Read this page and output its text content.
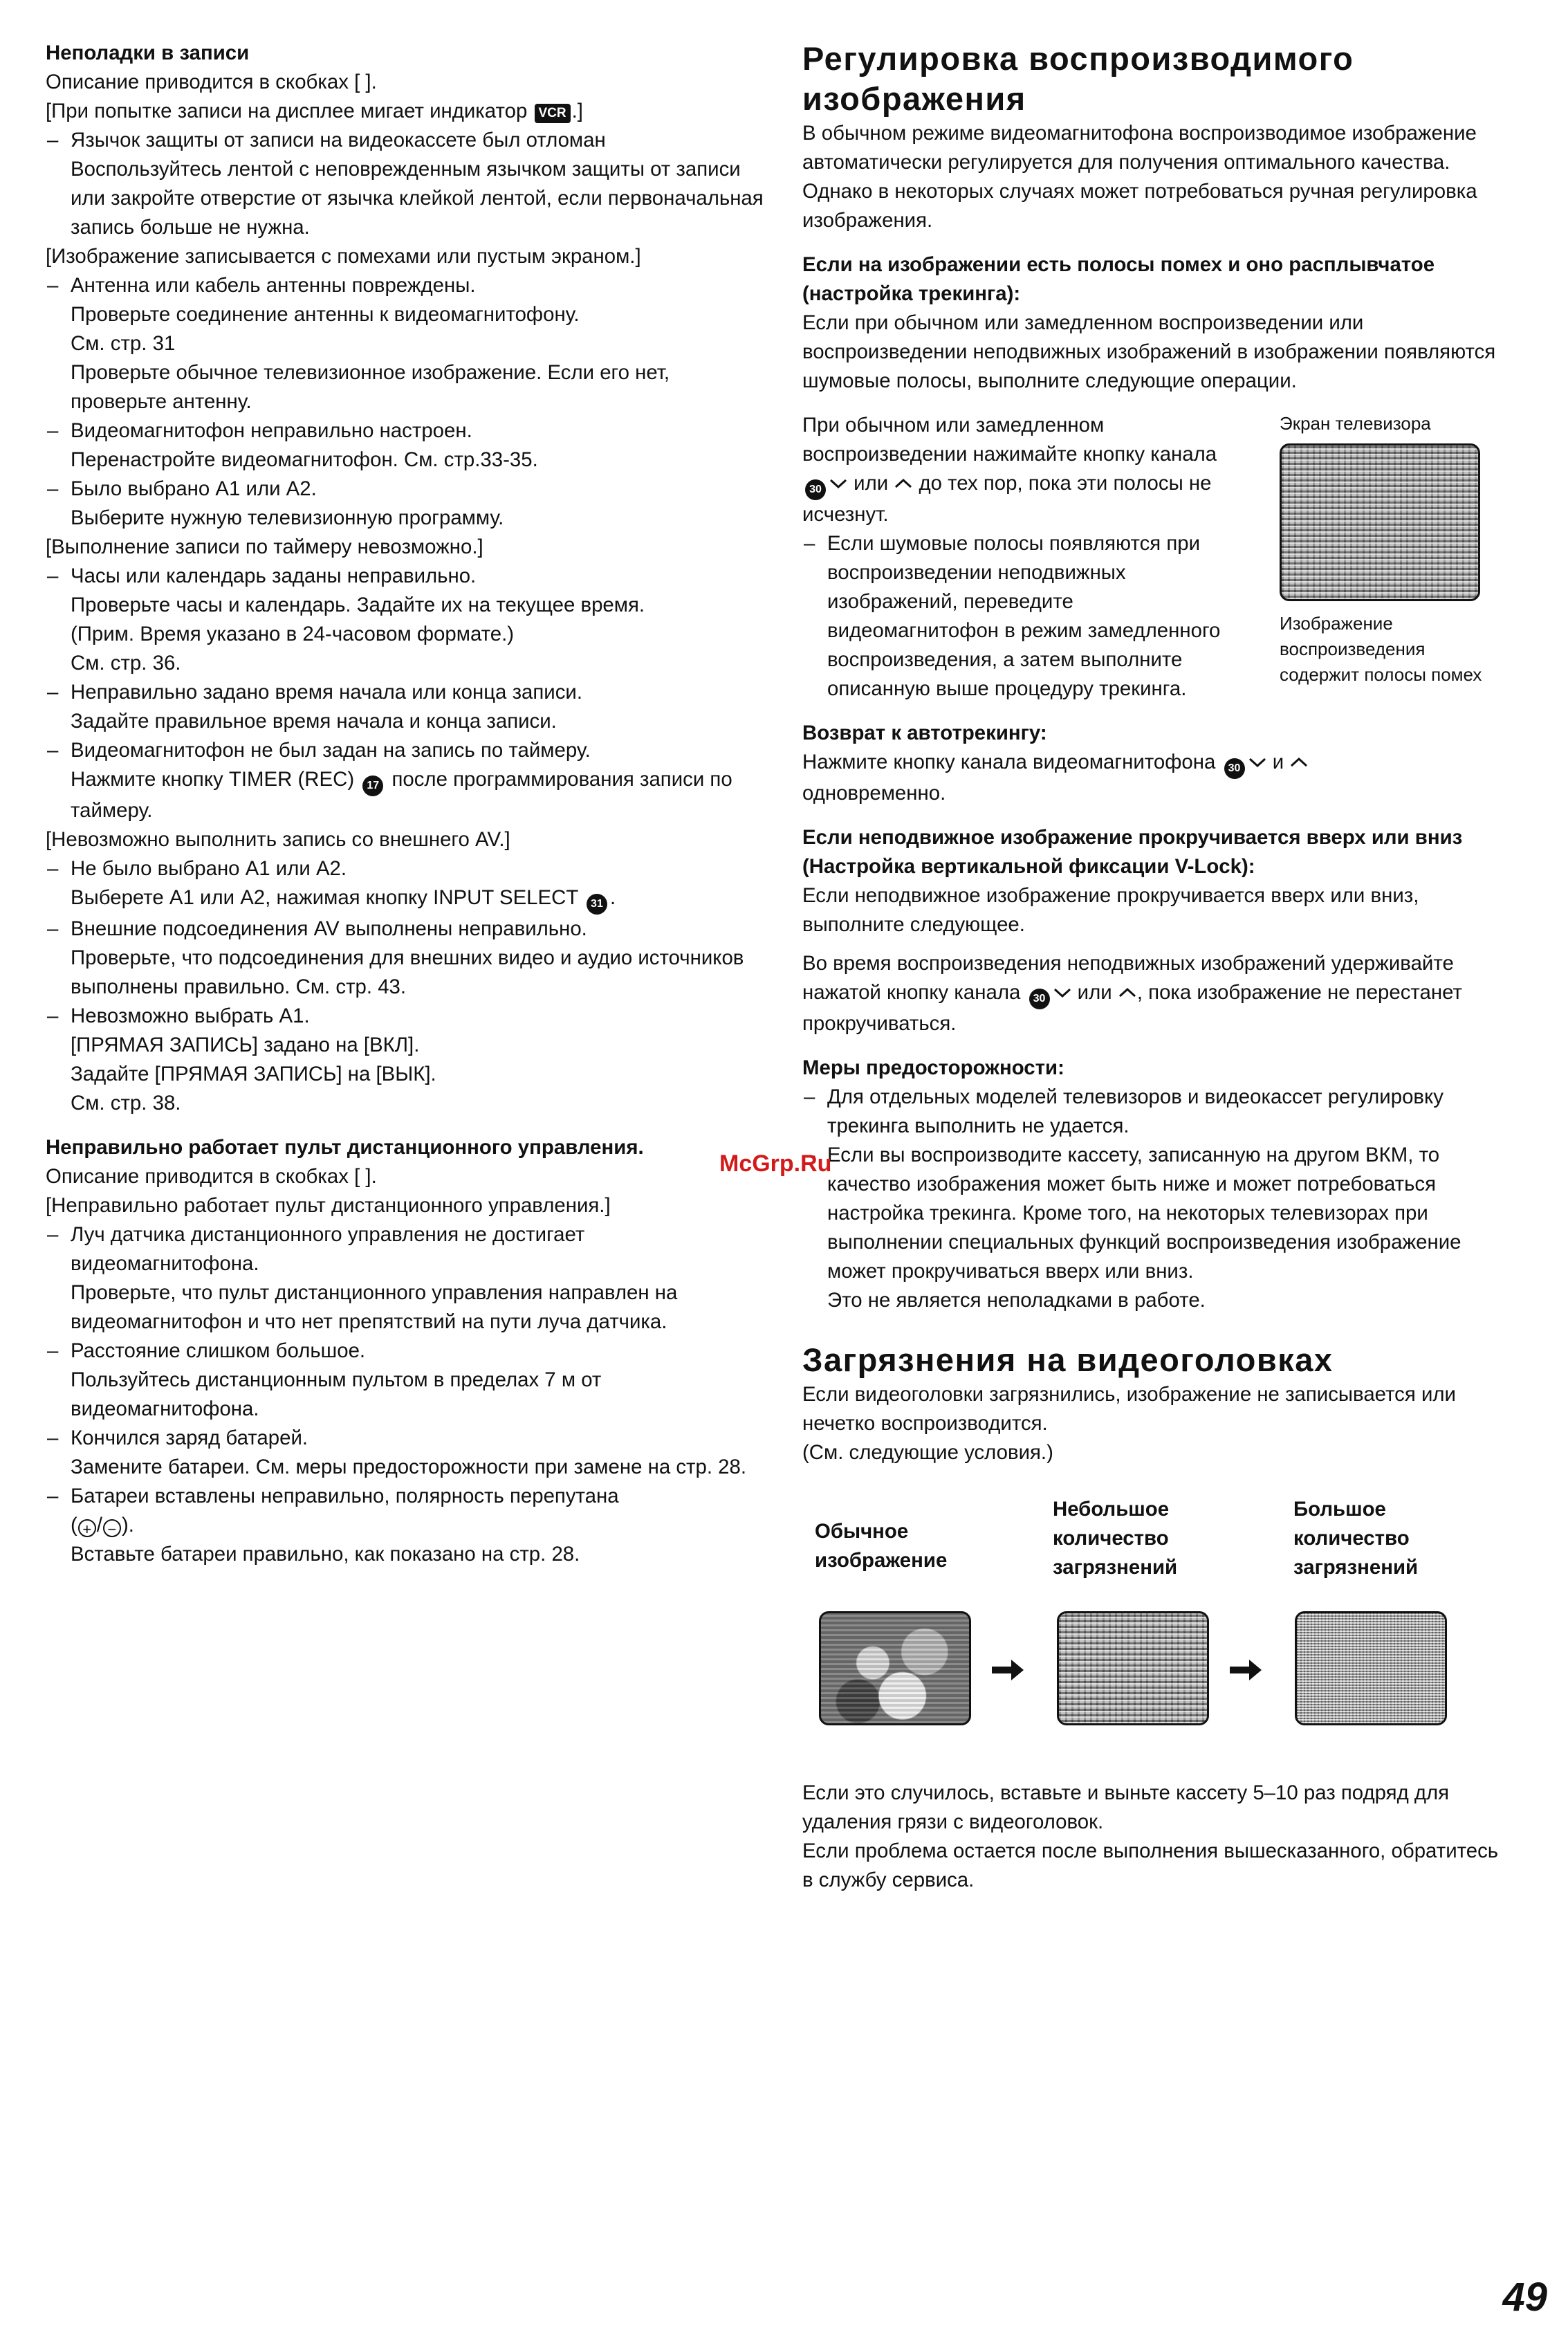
Неполадки в записи

Описание приводится в скобках [ ].

[При попытке записи на дисплее мигает индикатор VCR .]

– Язычок защиты от записи на видеокассете был отломан

Воспользуйтесь лентой с неповрежденным язычком защиты от записи или закройте отверстие от язычка клейкой лентой, если первоначальная запись больше не нужна.

[Изображение записывается с помехами или пустым экраном.]

– Антенна или кабель антенны повреждены.

Проверьте соединение антенны к видеомагнитофону.

См. стр. 31

Проверьте обычное телевизионное изображение. Если его нет, проверьте антенну.

– Видеомагнитофон неправильно настроен.

Перенастройте видеомагнитофон. См. стр.33-35.

– Было выбрано А1 или А2.

Выберите нужную телевизионную программу.

[Выполнение записи по таймеру невозможно.]

– Часы или календарь заданы неправильно.

Проверьте часы и календарь. Задайте их на текущее время.

(Прим. Время указано в 24-часовом формате.)

См. стр. 36.

– Неправильно задано время начала или конца записи.

Задайте правильное время начала и конца записи.

– Видеомагнитофон не был задан на запись по таймеру.

Нажмите кнопку TIMER (REC) 17 после программирования записи по таймеру.

[Невозможно выполнить запись со внешнего AV.]

– Не было выбрано А1 или А2.

Выберете А1 или А2, нажимая кнопку INPUT SELECT 31 .

– Внешние подсоединения AV выполнены неправильно.

Проверьте, что подсоединения для внешних видео и аудио источников выполнены правильно. См. стр. 43.

– Невозможно выбрать А1.

[ПРЯМАЯ ЗАПИСЬ] задано на [ВКЛ].

Задайте [ПРЯМАЯ ЗАПИСЬ] на [ВЫК].

См. стр. 38.

Неправильно работает пульт дистанционного управления.

Описание приводится в скобках [ ].

[Неправильно работает пульт дистанционного управления.]

– Луч датчика дистанционного управления не достигает видеомагнитофона.

Проверьте, что пульт дистанционного управления направлен на видеомагнитофон и что нет препятствий на пути луча датчика.

– Расстояние слишком большое.

Пользуйтесь дистанционным пультом в пределах 7 м от видеомагнитофона.

– Кончился заряд батарей.

Замените батареи. См. меры предосторожности при замене на стр. 28.

– Батареи вставлены неправильно, полярность перепутана

( + / − ).

Вставьте батареи правильно, как показано на стр. 28.

Регулировка воспроизводимого изображения

В обычном режиме видеомагнитофона воспроизводимое изображение автоматически регулируется для получения оптимального качества. Однако в некоторых случаях может потребоваться ручная регулировка изображения.

Если на изображении есть полосы помех и оно расплывчатое (настройка трекинга):

Если при обычном или замедленном воспроизведении или воспроизведении неподвижных изображений в изображении появляются шумовые полосы, выполните следующие операции.

При обычном или замедленном воспроизведении нажимайте кнопку канала 30 или до тех пор, пока эти полосы не исчезнут.

– Если шумовые полосы появляются при воспроизведении неподвижных изображений, переведите видеомагнитофон в режим замедленного воспроизведения, а затем выполните описанную выше процедуру трекинга.

Экран телевизора

Изображение воспроизведения содержит полосы помех

Возврат к автотрекингу:

Нажмите кнопку канала видеомагнитофона 30 и
одновременно.

Если неподвижное изображение прокручивается вверх или вниз

(Настройка вертикальной фиксации V-Lock):

Если неподвижное изображение прокручивается вверх или вниз, выполните следующее.

Во время воспроизведения неподвижных изображений удерживайте нажатой кнопку канала 30 или , пока изображение не перестанет прокручиваться.

Меры предосторожности:

– Для отдельных моделей телевизоров и видеокассет регулировку трекинга выполнить не удается.

– Если вы воспроизводите кассету, записанную на другом ВКМ, то качество изображения может быть ниже и может потребоваться настройка трекинга. Кроме того, на некоторых телевизорах при выполнении специальных функций воспроизведения изображение может прокручиваться вверх или вниз.

Это не является неполадками в работе.

Загрязнения на видеоголовках

Если видеоголовки загрязнились, изображение не записывается или нечетко воспроизводится.

(См. следующие условия.)

Обычное изображение

Небольшое количество загрязнений

Большое количество загрязнений

Если это случилось, вставьте и выньте кассету 5–10 раз подряд для удаления грязи с видеоголовок.

Если проблема остается после выполнения вышесказанного, обратитесь в службу сервиса.

McGrp.Ru
49
